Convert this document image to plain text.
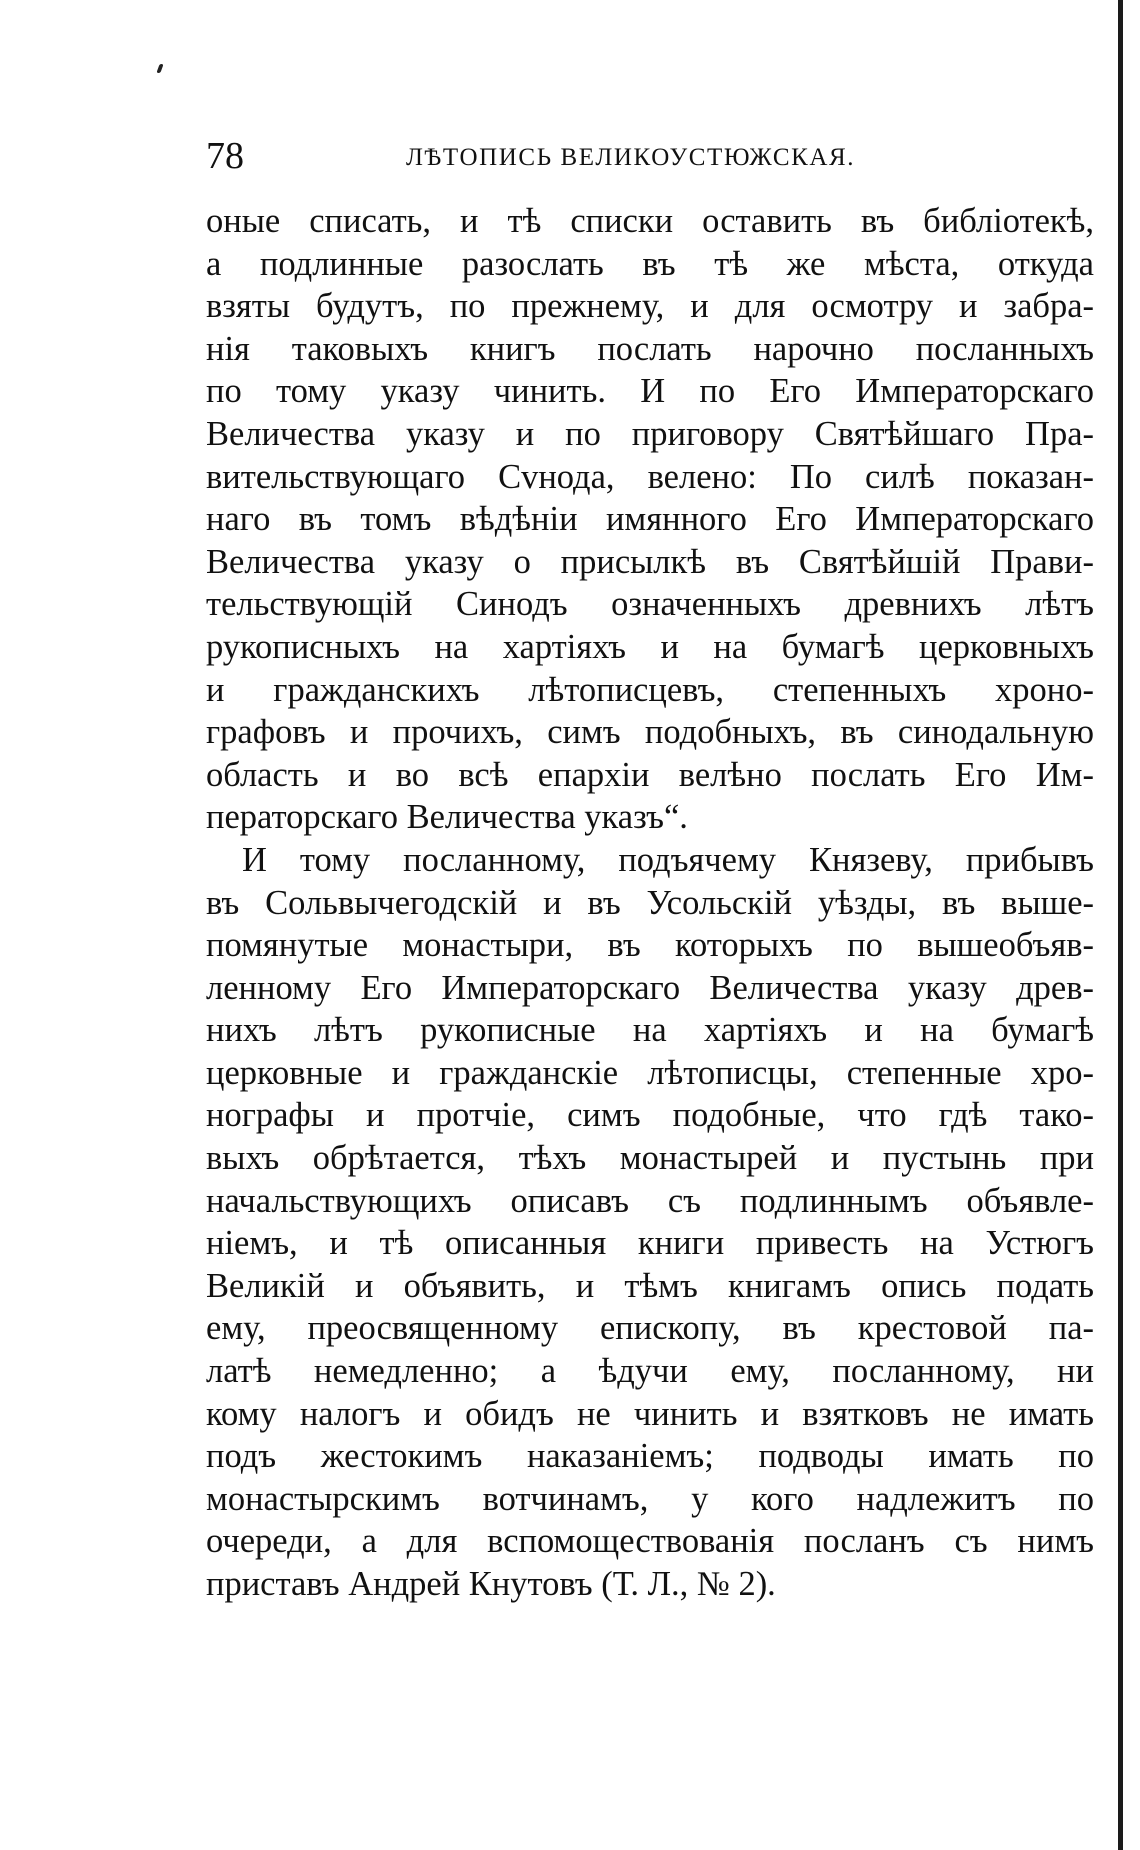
78	ЛѢТОПИСЬ ВЕЛИКОУСТЮЖСКАЯ.
оные списать, и тѣ списки оставить въ библіотекѣ,
а подлинные разослать въ тѣ же мѣста, откуда
взяты будутъ, по прежнему, и для осмотру и забра-
нія таковыхъ книгъ послать нарочно посланныхъ
по тому указу чинить. И по Его Императорскаго
Величества указу и по приговору Святѣйшаго Пра-
вительствующаго Сvнода, велено: По силѣ показан-
наго въ томъ вѣдѣніи имянного Его Императорскаго
Величества указу о присылкѣ въ Святѣйшій Прави-
тельствующій Синодъ означенныхъ древнихъ лѣтъ
рукописныхъ на хартіяхъ и на бумагѣ церковныхъ
и гражданскихъ лѣтописцевъ, степенныхъ хроно-
графовъ и прочихъ, симъ подобныхъ, въ синодальную
область и во всѣ епархіи велѣно послать Его Им-
ператорскаго Величества указъ“.
И тому посланному, подъячему Князеву, прибывъ
въ Сольвычегодскій и въ Усольскій уѣзды, въ выше-
помянутые монастыри, въ которыхъ по вышеобъяв-
ленному Его Императорскаго Величества указу древ-
нихъ лѣтъ рукописные на хартіяхъ и на бумагѣ
церковные и гражданскіе лѣтописцы, степенные хро-
нографы и протчіе, симъ подобные, что гдѣ тако-
выхъ обрѣтается, тѣхъ монастырей и пустынь при
начальствующихъ описавъ съ подлиннымъ объявле-
ніемъ, и тѣ описанныя книги привесть на Устюгъ
Великій и объявить, и тѣмъ книгамъ опись подать
ему, преосвященному епископу, въ крестовой па-
латѣ немедленно; а ѣдучи ему, посланному, ни
кому налогъ и обидъ не чинить и взятковъ не имать
подъ жестокимъ наказаніемъ; подводы имать по
монастырскимъ вотчинамъ, у кого надлежитъ по
очереди, а для вспомоществованія посланъ съ нимъ
приставъ Андрей Кнутовъ (Т. Л., № 2).
